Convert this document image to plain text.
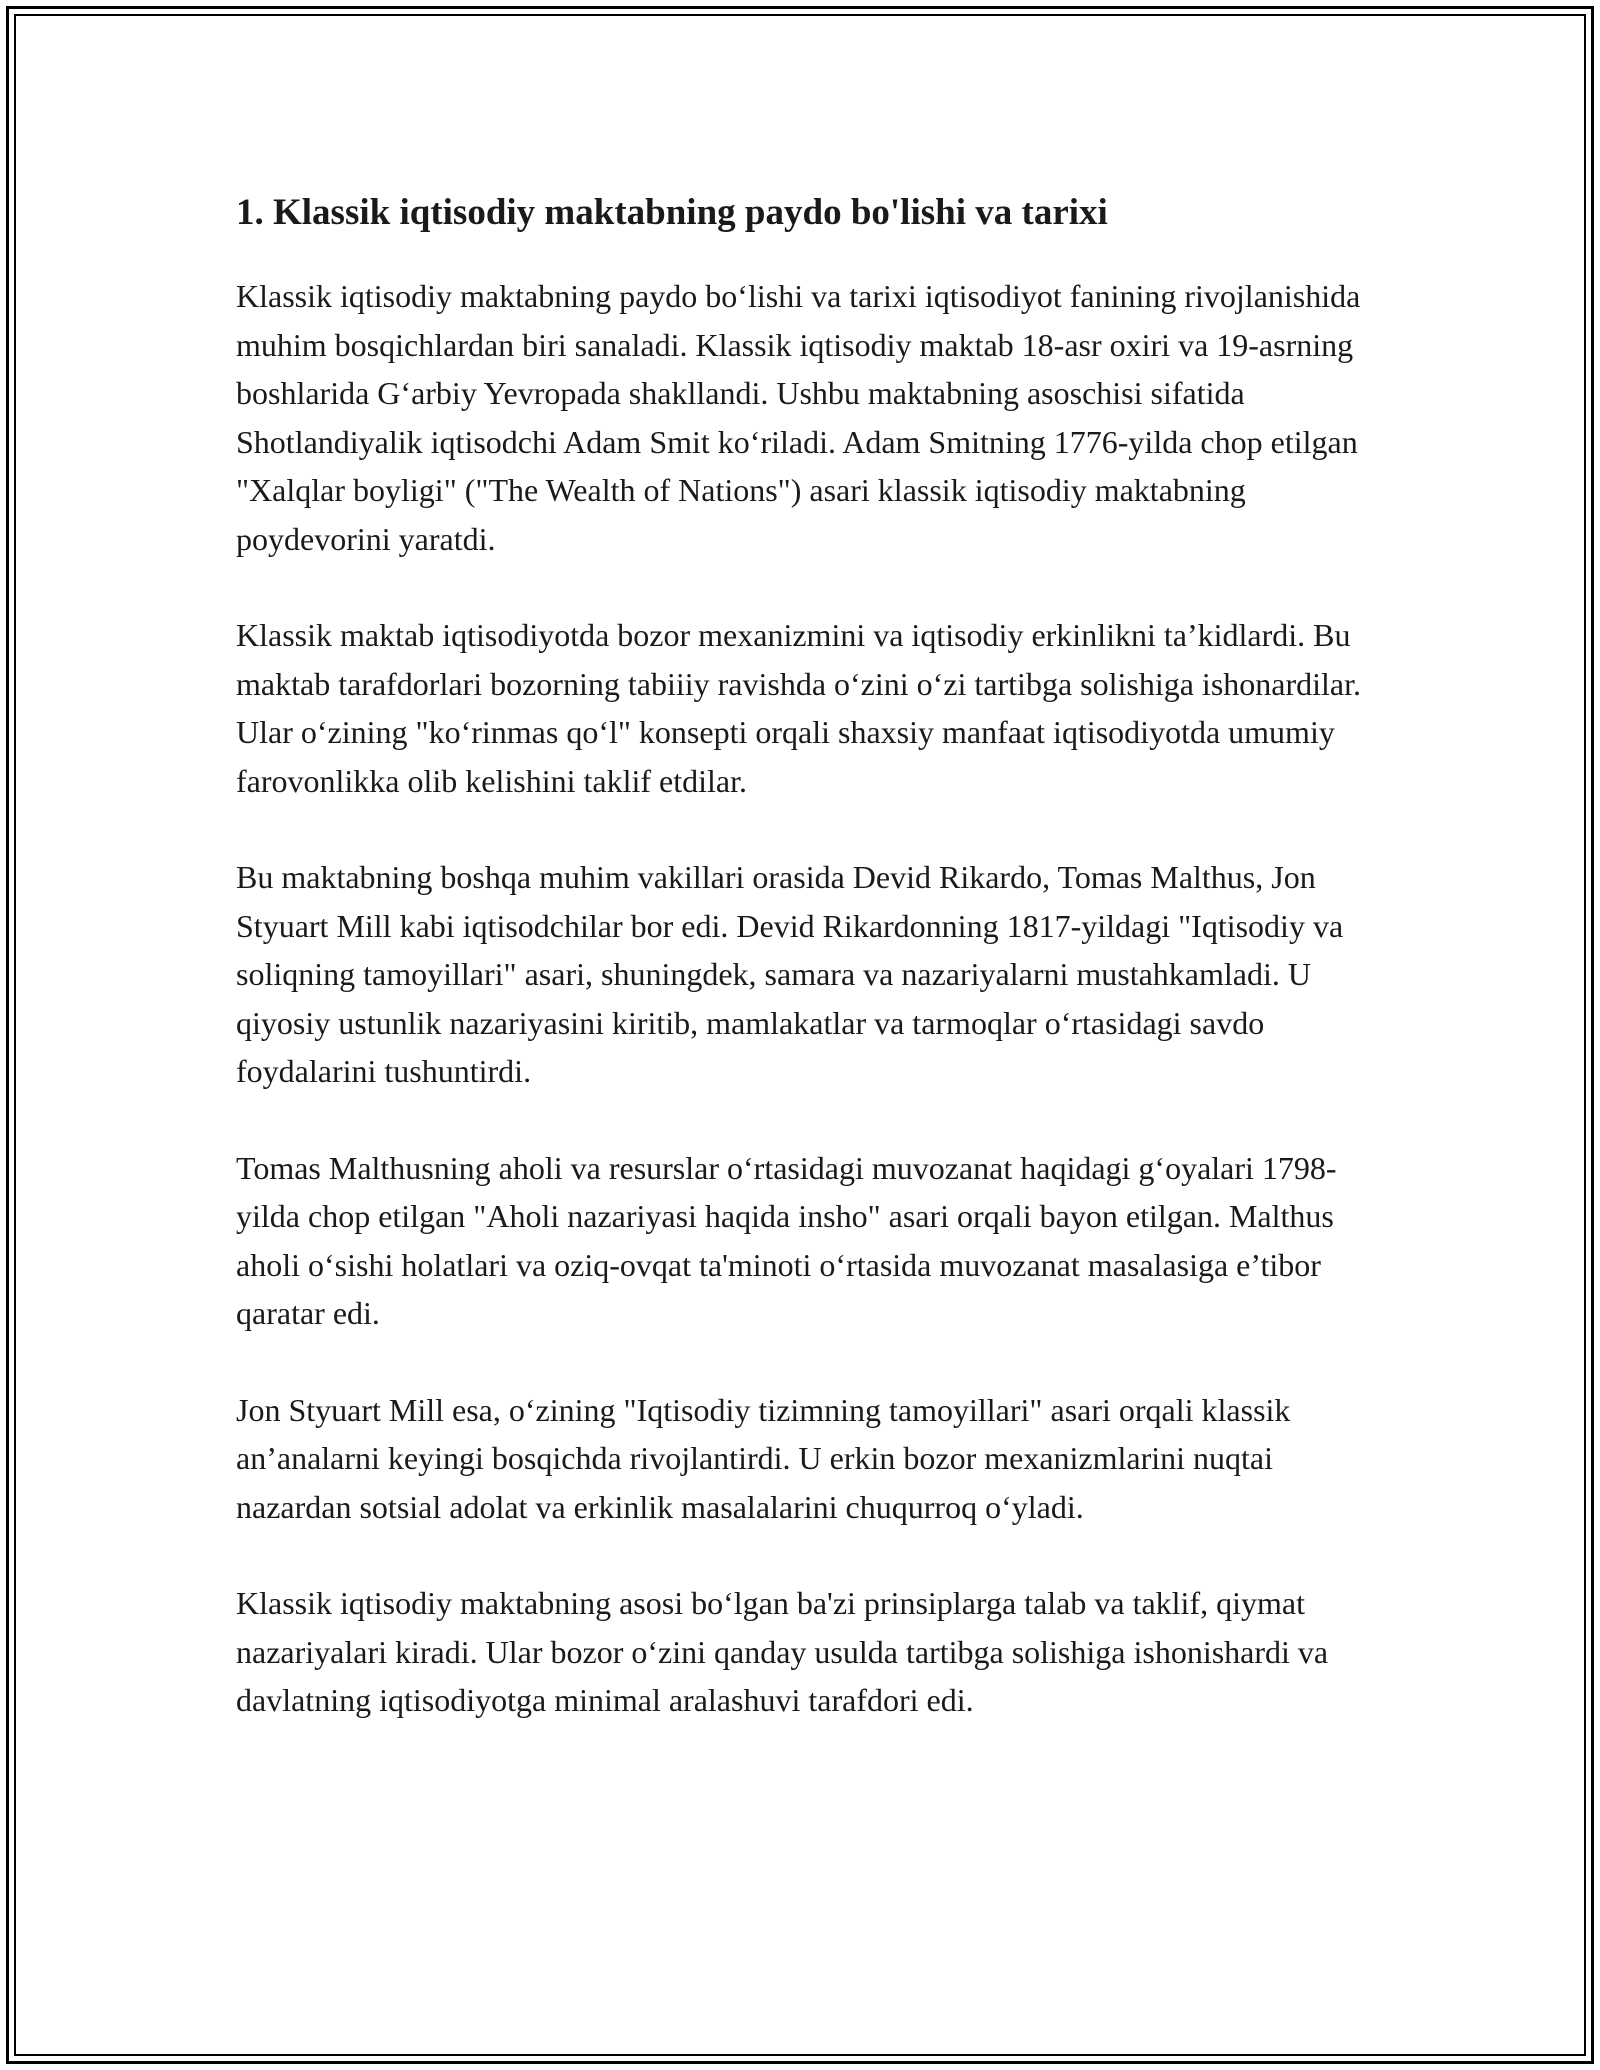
1. Klassik iqtisodiy maktabning paydo bo'lishi va tarixi

Klassik iqtisodiy maktabning paydo bo‘lishi va tarixi iqtisodiyot fanining rivojlanishida muhim bosqichlardan biri sanaladi. Klassik iqtisodiy maktab 18-asr oxiri va 19-asrning boshlarida G‘arbiy Yevropada shakllandi. Ushbu maktabning asoschisi sifatida Shotlandiyalik iqtisodchi Adam Smit ko‘riladi. Adam Smitning 1776-yilda chop etilgan "Xalqlar boyligi" ("The Wealth of Nations") asari klassik iqtisodiy maktabning poydevorini yaratdi.

Klassik maktab iqtisodiyotda bozor mexanizmini va iqtisodiy erkinlikni ta’kidlardi. Bu maktab tarafdorlari bozorning tabiiiy ravishda o‘zini o‘zi tartibga solishiga ishonardilar. Ular o‘zining "ko‘rinmas qo‘l" konsepti orqali shaxsiy manfaat iqtisodiyotda umumiy farovonlikka olib kelishini taklif etdilar.

Bu maktabning boshqa muhim vakillari orasida Devid Rikardo, Tomas Malthus, Jon Styuart Mill kabi iqtisodchilar bor edi. Devid Rikardonning 1817-yildagi "Iqtisodiy va soliqning tamoyillari" asari, shuningdek, samara va nazariyalarni mustahkamladi. U qiyosiy ustunlik nazariyasini kiritib, mamlakatlar va tarmoqlar o‘rtasidagi savdo foydalarini tushuntirdi.

Tomas Malthusning aholi va resurslar o‘rtasidagi muvozanat haqidagi g‘oyalari 1798-yilda chop etilgan "Aholi nazariyasi haqida insho" asari orqali bayon etilgan. Malthus aholi o‘sishi holatlari va oziq-ovqat ta'minoti o‘rtasida muvozanat masalasiga e’tibor qaratar edi.

Jon Styuart Mill esa, o‘zining "Iqtisodiy tizimning tamoyillari" asari orqali klassik an’analarni keyingi bosqichda rivojlantirdi. U erkin bozor mexanizmlarini nuqtai nazardan sotsial adolat va erkinlik masalalarini chuqurroq o‘yladi.

Klassik iqtisodiy maktabning asosi bo‘lgan ba'zi prinsiplarga talab va taklif, qiymat nazariyalari kiradi. Ular bozor o‘zini qanday usulda tartibga solishiga ishonishardi va davlatning iqtisodiyotga minimal aralashuvi tarafdori edi.
